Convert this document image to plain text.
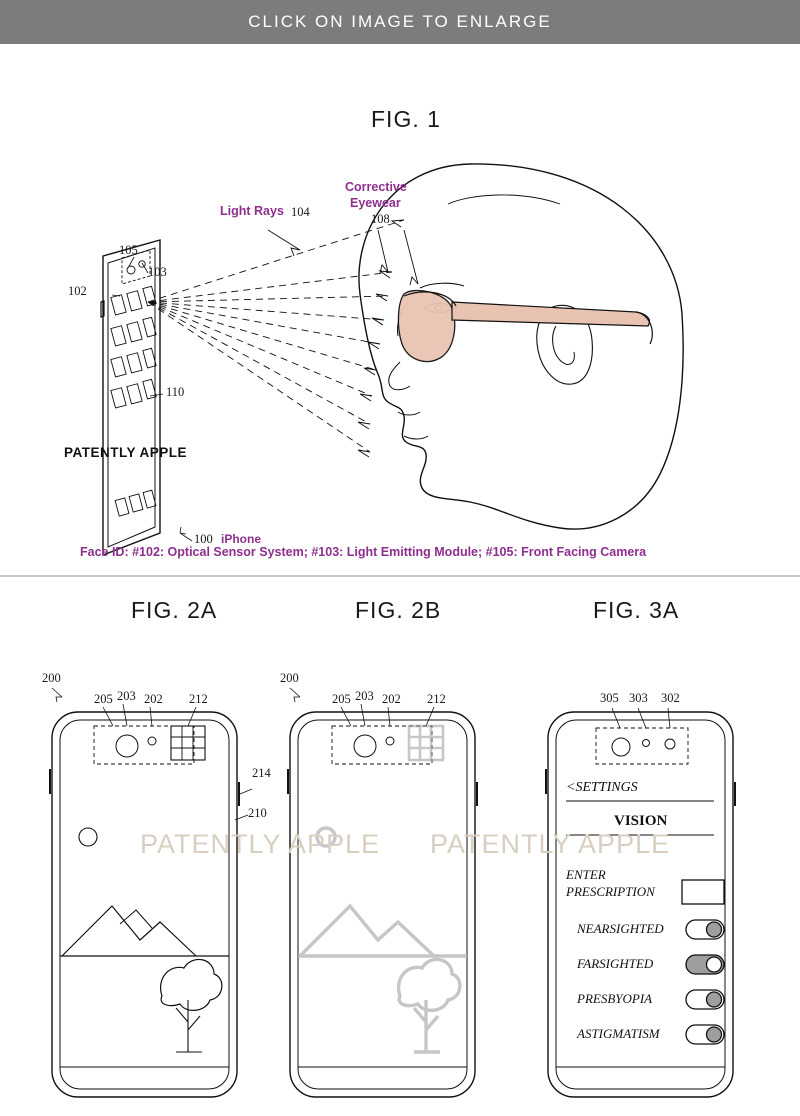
CLICK ON IMAGE TO ENLARGE
FIG. 1
Light Rays 104
Corrective
Eyewear
108
105
103
102
110
100 iPhone
PATENTLY APPLE
Face ID: #102: Optical Sensor System; #103: Light Emitting Module; #105: Front Facing Camera
FIG. 2A	FIG. 2B	FIG. 3A
200
205 203 202 212
214
210
200
205 203 202 212	305 303 302
<SETTINGS
VISION
ENTER
PRESCRIPTION
NEARSIGHTED
FARSIGHTED
PRESBYOPIA
ASTIGMATISM
PATENTLY APPLE PATENTLY APPLE
